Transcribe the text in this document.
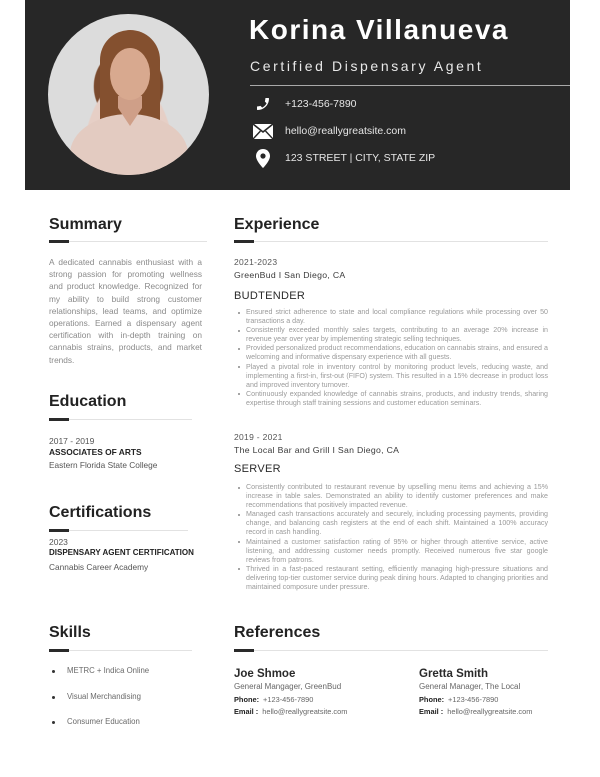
Korina Villanueva
Certified Dispensary Agent
+123-456-7890
hello@reallygreatsite.com
123 STREET | CITY, STATE ZIP
Summary
A dedicated cannabis enthusiast with a strong passion for promoting wellness and product knowledge. Recognized for my ability to build strong customer relationships, lead teams, and optimize operations. Earned a dispensary agent certification with in-depth training on cannabis strains, products, and market trends.
Education
2017 - 2019
ASSOCIATES OF ARTS
Eastern Florida State College
Certifications
2023
DISPENSARY AGENT CERTIFICATION
Cannabis Career Academy
Skills
METRC + Indica Online
Visual Merchandising
Consumer Education
Experience
2021-2023
GreenBud I San Diego, CA
BUDTENDER
Ensured strict adherence to state and local compliance regulations while processing over 50 transactions a day.
Consistently exceeded monthly sales targets, contributing to an average 20% increase in revenue year over year by implementing strategic selling techniques.
Provided personalized product recommendations, education on cannabis strains, and ensured a welcoming and informative dispensary experience with all guests.
Played a pivotal role in inventory control by monitoring product levels, reducing waste, and implementing a first-in, first-out (FIFO) system. This resulted in a 15% decrease in product loss and improved inventory turnover.
Continuously expanded knowledge of cannabis strains, products, and industry trends, sharing expertise through staff training sessions and customer education seminars.
2019 - 2021
The Local Bar and Grill I San Diego, CA
SERVER
Consistently contributed to restaurant revenue by upselling menu items and achieving a 15% increase in table sales. Demonstrated an ability to identify customer preferences and make recommendations that positively impacted revenue.
Managed cash transactions accurately and securely, including processing payments, providing change, and balancing cash registers at the end of each shift. Maintained a 100% accuracy record in cash handling.
Maintained a customer satisfaction rating of 95% or higher through attentive service, active listening, and addressing customer needs promptly. Received numerous five star google reviews from patrons.
Thrived in a fast-paced restaurant setting, efficiently managing high-pressure situations and delivering top-tier customer service during peak dining hours. Adapted to changing priorities and maintained composure under pressure.
References
Joe Shmoe
General Mangager, GreenBud
Phone: +123-456-7890
Email : hello@reallygreatsite.com
Gretta Smith
General Manager, The Local
Phone: +123-456-7890
Email : hello@reallygreatsite.com
